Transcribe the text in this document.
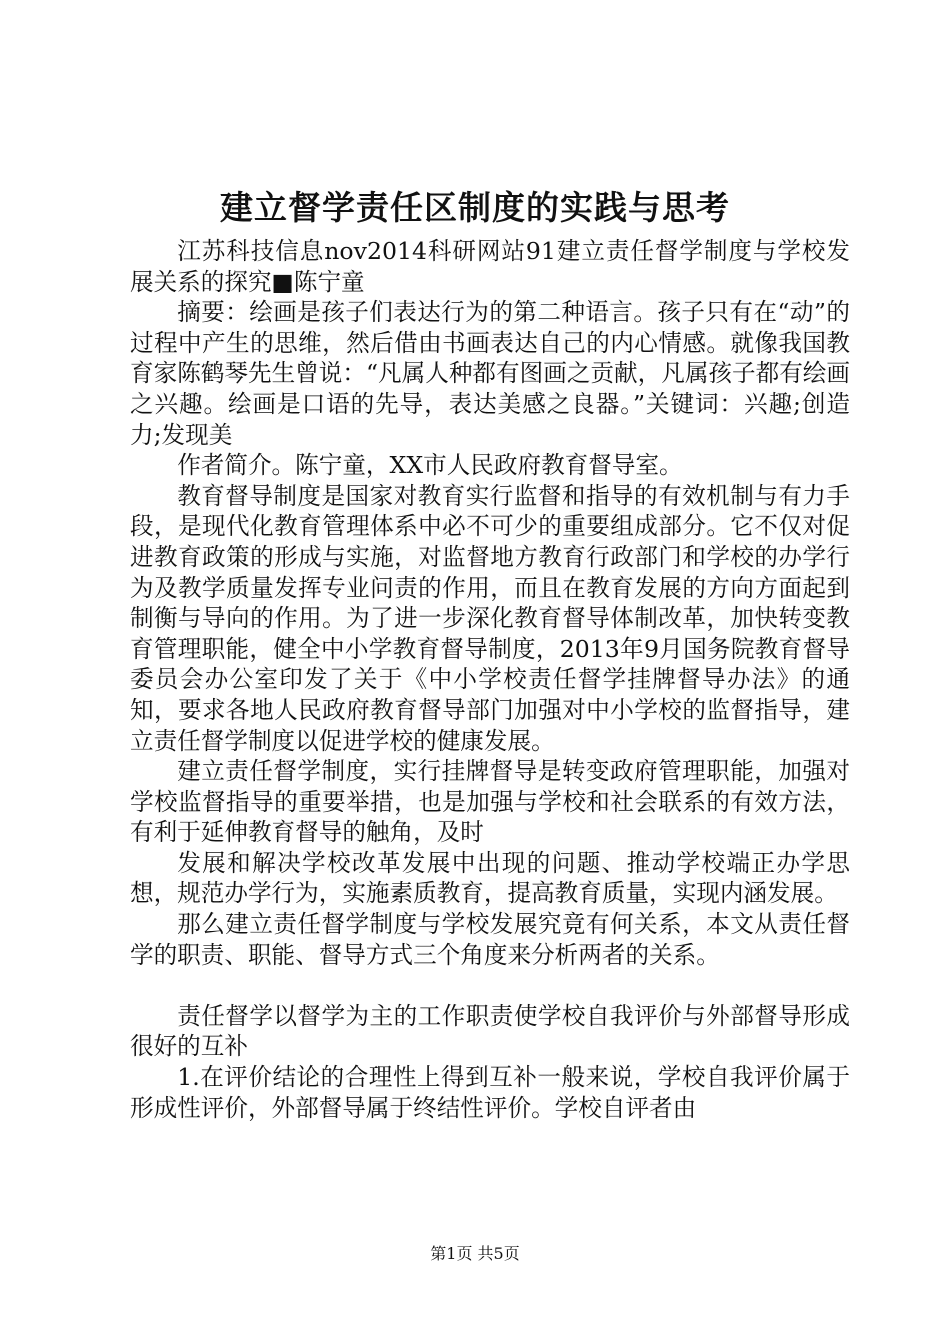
建立督学责任区制度的实践与思考

江苏科技信息nov2014科研网站91建立责任督学制度与学校发展关系的探究■陈宁童

摘要：绘画是孩子们表达行为的第二种语言。孩子只有在“动”的过程中产生的思维，然后借由书画表达自己的内心情感。就像我国教育家陈鹤琴先生曾说：“凡属人种都有图画之贡献，凡属孩子都有绘画之兴趣。绘画是口语的先导，表达美感之良器。”关键词：兴趣;创造力;发现美

作者简介。陈宁童，XX市人民政府教育督导室。

教育督导制度是国家对教育实行监督和指导的有效机制与有力手段，是现代化教育管理体系中必不可少的重要组成部分。它不仅对促进教育政策的形成与实施，对监督地方教育行政部门和学校的办学行为及教学质量发挥专业问责的作用，而且在教育发展的方向方面起到制衡与导向的作用。为了进一步深化教育督导体制改革，加快转变教育管理职能，健全中小学教育督导制度，2013年9月国务院教育督导委员会办公室印发了关于《中小学校责任督学挂牌督导办法》的通知，要求各地人民政府教育督导部门加强对中小学校的监督指导，建立责任督学制度以促进学校的健康发展。

建立责任督学制度，实行挂牌督导是转变政府管理职能，加强对学校监督指导的重要举措，也是加强与学校和社会联系的有效方法，有利于延伸教育督导的触角，及时

发展和解决学校改革发展中出现的问题、推动学校端正办学思想，规范办学行为，实施素质教育，提高教育质量，实现内涵发展。

那么建立责任督学制度与学校发展究竟有何关系，本文从责任督学的职责、职能、督导方式三个角度来分析两者的关系。

责任督学以督学为主的工作职责使学校自我评价与外部督导形成很好的互补

1.在评价结论的合理性上得到互补一般来说，学校自我评价属于形成性评价，外部督导属于终结性评价。学校自评者由

第1页 共5页
